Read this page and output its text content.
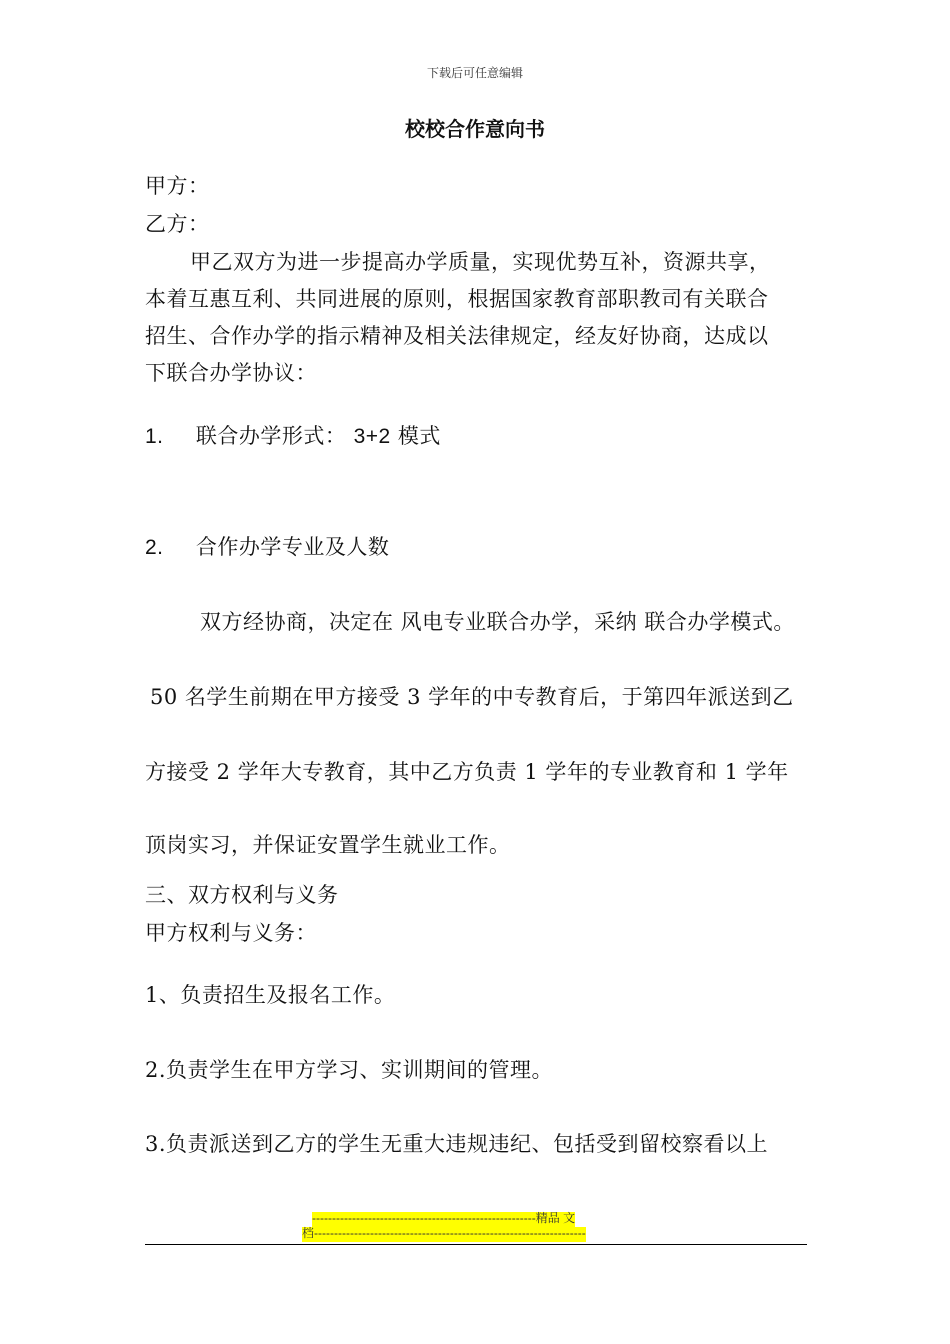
下载后可任意编辑
校校合作意向书
甲方：
乙方：
甲乙双方为进一步提高办学质量，实现优势互补，资源共享，
本着互惠互利、共同进展的原则，根据国家教育部职教司有关联合
招生、合作办学的指示精神及相关法律规定，经友好协商，达成以
下联合办学协议：
1. 联合办学形式： 3+2 模式
2. 合作办学专业及人数
双方经协商，决定在 风电专业联合办学，采纳 联合办学模式。
50 名学生前期在甲方接受 3 学年的中专教育后，于第四年派送到乙
方接受 2 学年大专教育，其中乙方负责 1 学年的专业教育和 1 学年
顶岗实习，并保证安置学生就业工作。
三、双方权利与义务
甲方权利与义务：
1、负责招生及报名工作。
2.负责学生在甲方学习、实训期间的管理。
3.负责派送到乙方的学生无重大违规违纪、包括受到留校察看以上
--------------------------------------------------------精品 文
档--------------------------------------------------------------------
